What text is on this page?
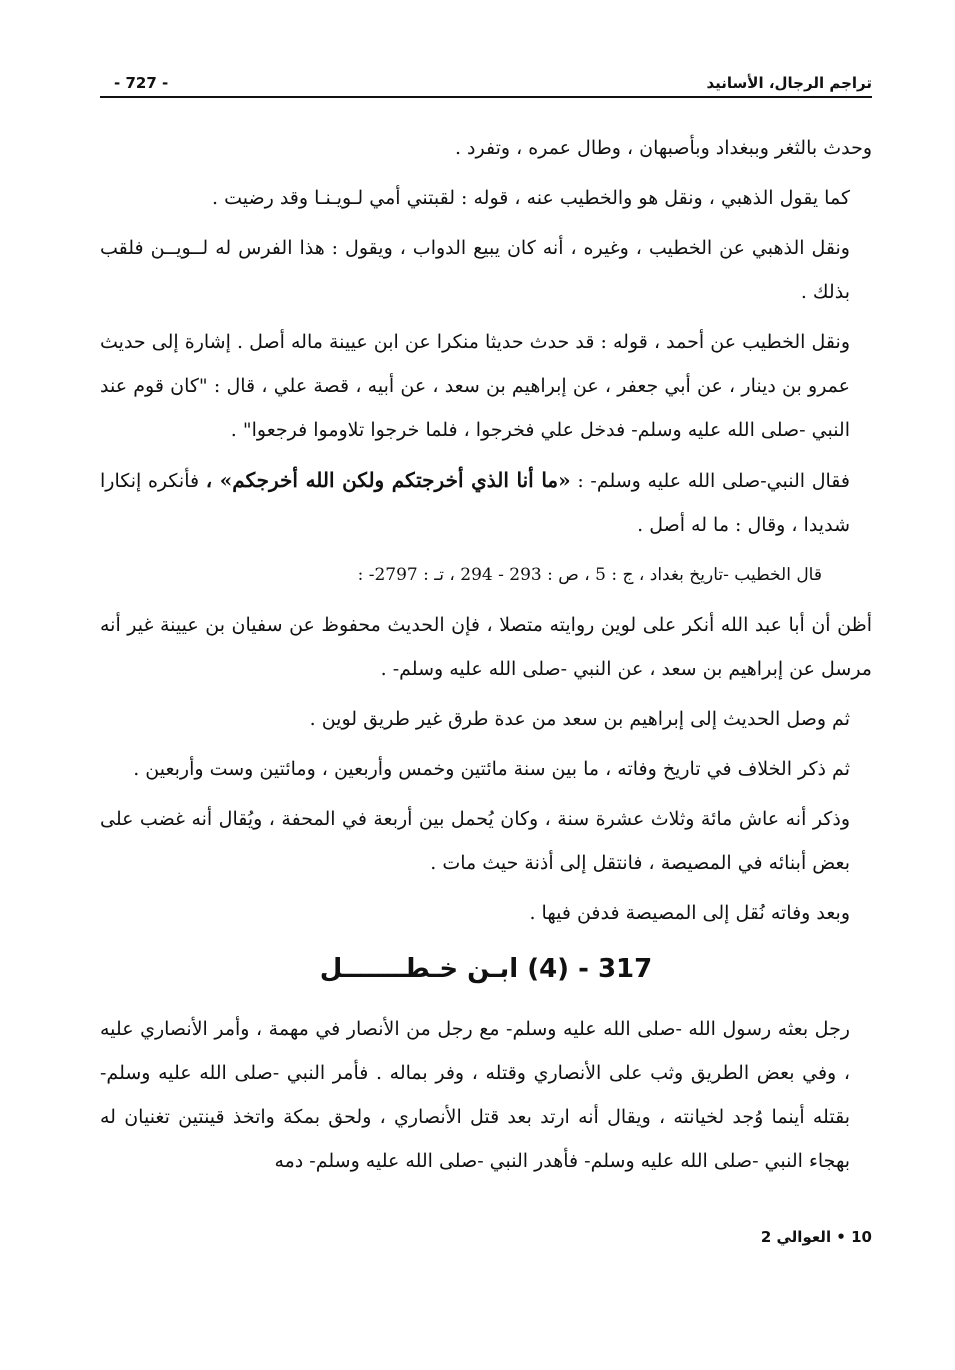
تراجم الرجال، الأسانيد
- 727 -

وحدث بالثغر وببغداد وبأصبهان ، وطال عمره ، وتفرد .

كما يقول الذهبي ، ونقل هو والخطيب عنه ، قوله : لقبتني أمي لـويـنـا وقد رضيت .

ونقل الذهبي عن الخطيب ، وغيره ، أنه كان يبيع الدواب ، ويقول : هذا الفرس له لــويــن فلقب بذلك .

ونقل الخطيب عن أحمد ، قوله : قد حدث حديثا منكرا عن ابن عيينة ماله أصل . إشارة إلى حديث عمرو بن دينار ، عن أبي جعفر ، عن إبراهيم بن سعد ، عن أبيه ، قصة علي ، قال : "كان قوم عند النبي -صلى الله عليه وسلم- فدخل علي فخرجوا ، فلما خرجوا تلاوموا فرجعوا" .

فقال النبي-صلى الله عليه وسلم- : «ما أنا الذي أخرجتكم ولكن الله أخرجكم» ، فأنكره إنكارا شديدا ، وقال : ما له أصل .

قال الخطيب -تاريخ بغداد ، ج : 5 ، ص : 293 - 294 ، تـ : 2797- :

أظن أن أبا عبد الله أنكر على لوين روايته متصلا ، فإن الحديث محفوظ عن سفيان بن عيينة غير أنه مرسل عن إبراهيم بن سعد ، عن النبي -صلى الله عليه وسلم- .

ثم وصل الحديث إلى إبراهيم بن سعد من عدة طرق غير طريق لوين .

ثم ذكر الخلاف في تاريخ وفاته ، ما بين سنة مائتين وخمس وأربعين ، ومائتين وست وأربعين .

وذكر أنه عاش مائة وثلاث عشرة سنة ، وكان يُحمل بين أربعة في المحفة ، ويُقال أنه غضب على بعض أبنائه في المصيصة ، فانتقل إلى أذنة حيث مات .

وبعد وفاته نُقل إلى المصيصة فدفن فيها .

317 - (4) ابـن خـطـــــــل

رجل بعثه رسول الله -صلى الله عليه وسلم- مع رجل من الأنصار في مهمة ، وأمر الأنصاري عليه ، وفي بعض الطريق وثب على الأنصاري وقتله ، وفر بماله . فأمر النبي -صلى الله عليه وسلم- بقتله أينما وُجد لخيانته ، ويقال أنه ارتد بعد قتل الأنصاري ، ولحق بمكة واتخذ قينتين تغنيان له بهجاء النبي -صلى الله عليه وسلم- فأهدر النبي -صلى الله عليه وسلم- دمه

10 • العوالي 2
